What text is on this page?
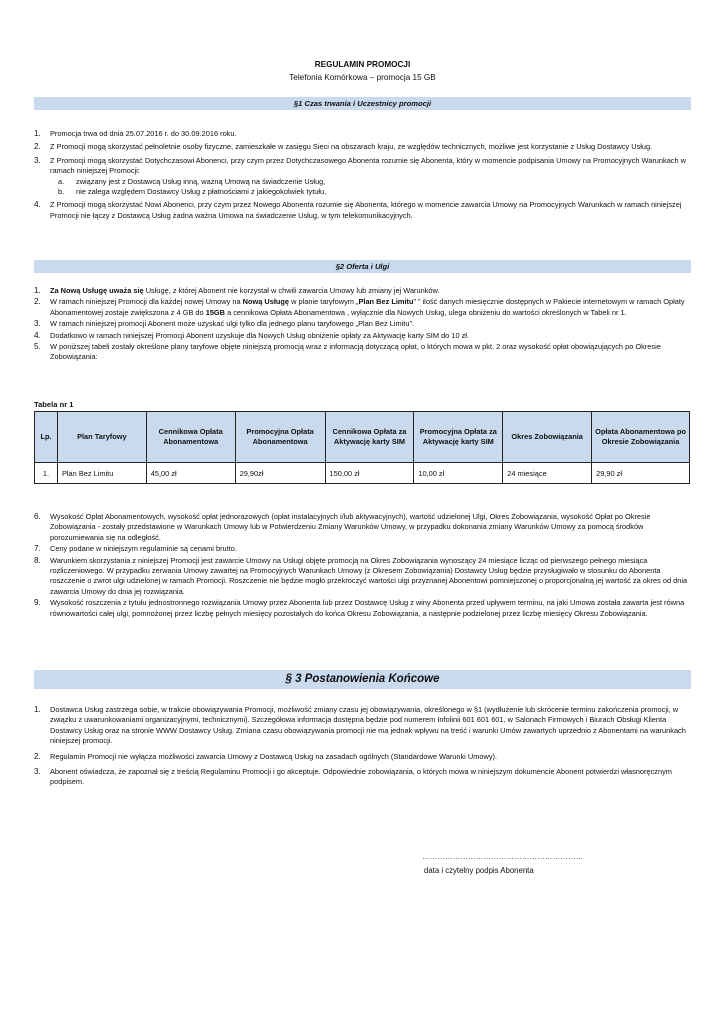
REGULAMIN PROMOCJI
Telefonia Komórkowa – promocja 15 GB
§1 Czas trwania i Uczestnicy promocji
1. Promocja trwa od dnia 25.07.2016 r. do 30.09.2016 roku.
2. Z Promocji mogą skorzystać pełnoletnie osoby fizyczne, zamieszkałe w zasięgu Sieci na obszarach kraju, ze względów technicznych, możliwe jest korzystanie z Usług Dostawcy Usług.
3. Z Promocji mogą skorzystać Dotychczasowi Abonenci, przy czym przez Dotychczasowego Abonenta rozumie się Abonenta, który w momencie podpisania Umowy na Promocyjnych Warunkach w ramach niniejszej Promocji:
a. związany jest z Dostawcą Usług inną, ważną Umową na świadczenie Usług,
b. nie zalega względem Dostawcy Usług z płatnościami z jakiegokolwiek tytułu,
4. Z Promocji mogą skorzystać Nowi Abonenci, przy czym przez Nowego Abonenta rozumie się Abonenta, którego w momencie zawarcia Umowy na Promocyjnych Warunkach w ramach niniejszej Promocji nie łączy z Dostawcą Usług żadna ważna Umowa na świadczenie Usług, w tym telekomunikacyjnych.
§2 Oferta i Ulgi
1. Za Nową Usługę uważa się Usługę, z której Abonent nie korzystał w chwili zawarcia Umowy lub zmiany jej Warunków.
2. W ramach niniejszej Promocji dla każdej nowej Umowy na Nową Usługę w planie taryfowym „Plan Bez Limitu” ” ilość danych miesięcznie dostępnych w Pakiecie internetowym w ramach Opłaty Abonamentowej zostaje zwiększona z 4 GB do 15GB a cennikowa Opłata Abonamentowa , wyłącznie dla Nowych Usług, ulega obniżeniu do wartości określonych w Tabeli nr 1.
3. W ramach niniejszej promocji Abonent może uzyskać ulgi tylko dla jednego planu taryfowego „Plan Bez Limitu”.
4. Dodatkowo w ramach niniejszej Promocji Abonent uzyskuje dla Nowych Usług obniżenie opłaty za Aktywację karty SIM do 10 zł.
5. W poniższej tabeli zostały określone plany taryfowe objęte niniejszą promocją wraz z informacją dotyczącą opłat, o których mowa w pkt. 2 oraz wysokość opłat obowiązujących po Okresie Zobowiązania:
Tabela nr 1
Lp.	Plan Taryfowy	Cennikowa Opłata Abonamentowa	Promocyjna Opłata Abonamentowa	Cennikowa Opłata za Aktywację karty SIM	Promocyjna Opłata za Aktywację karty SIM	Okres Zobowiązania	Opłata Abonamentowa po Okresie Zobowiązania
1.	Plan Bez Limitu	45,00 zł	29,90zł	150,00 zł	10,00 zł	24 miesiące	29,90 zł
6. Wysokość Opłat Abonamentowych, wysokość opłat jednorazowych (opłat instalacyjnych i/lub aktywacyjnych), wartość udzielonej Ulgi, Okres Zobowiązania, wysokość Opłat po Okresie Zobowiązania - zostały przedstawione w Warunkach Umowy lub w Potwierdzeniu Zmiany Warunków Umowy, w przypadku dokonania zmiany Warunków Umowy za pomocą środków porozumiewania się na odległość.
7. Ceny podane w niniejszym regulaminie są cenami brutto.
8. Warunkiem skorzystania z niniejszej Promocji jest zawarcie Umowy na Usługi objęte promocją na Okres Zobowiązania wynoszący 24 miesiące licząc od pierwszego pełnego miesiąca rozliczeniowego. W przypadku zerwania Umowy zawartej na Promocyjnych Warunkach Umowy (z Okresem Zobowiązania) Dostawcy Usług będzie przysługiwało w stosunku do Abonenta roszczenie o zwrot ulgi udzielonej w ramach Promocji. Roszczenie nie będzie mogło przekroczyć wartości ulgi przyznanej Abonentowi pomniejszonej o proporcjonalną jej wartość za okres od dnia zawarcia Umowy do dnia jej rozwiązania.
9. Wysokość roszczenia z tytułu jednostronnego rozwiązania Umowy przez Abonenta lub przez Dostawcę Usług z winy Abonenta przed upływem terminu, na jaki Umowa została zawarta jest równa równowartości całej ulgi, pomnożonej przez liczbę pełnych miesięcy pozostałych do końca Okresu Zobowiązania, a następnie podzielonej przez liczbę miesięcy Okresu Zobowiązania.
§ 3 Postanowienia Końcowe
1. Dostawca Usług zastrzega sobie, w trakcie obowiązywania Promocji, możliwość zmiany czasu jej obowiązywania, określonego w §1 (wydłużenie lub skrócenie terminu zakończenia promocji, w związku z uwarunkowaniami organizacyjnymi, technicznymi). Szczegółowa informacja dostępna będzie pod numerem Infolinii 601 601 601, w Salonach Firmowych i Biurach Obsługi Klienta Dostawcy Usług oraz na stronie WWW Dostawcy Usług. Zmiana czasu obowiązywania promocji nie ma jednak wpływu na treść i warunki Umów zawartych uprzednio z Abonentami na warunkach niniejszej promocji.
2. Regulamin Promocji nie wyłącza możliwości zawarcia Umowy z Dostawcą Usług na zasadach ogólnych (Standardowe Warunki Umowy).
3. Abonent oświadcza, że zapoznał się z treścią Regulaminu Promocji i go akceptuje. Odpowiednie zobowiązania, o których mowa w niniejszym dokumencie Abonent potwierdzi własnoręcznym podpisem.
………………………………………………………
data i czytelny podpis Abonenta
